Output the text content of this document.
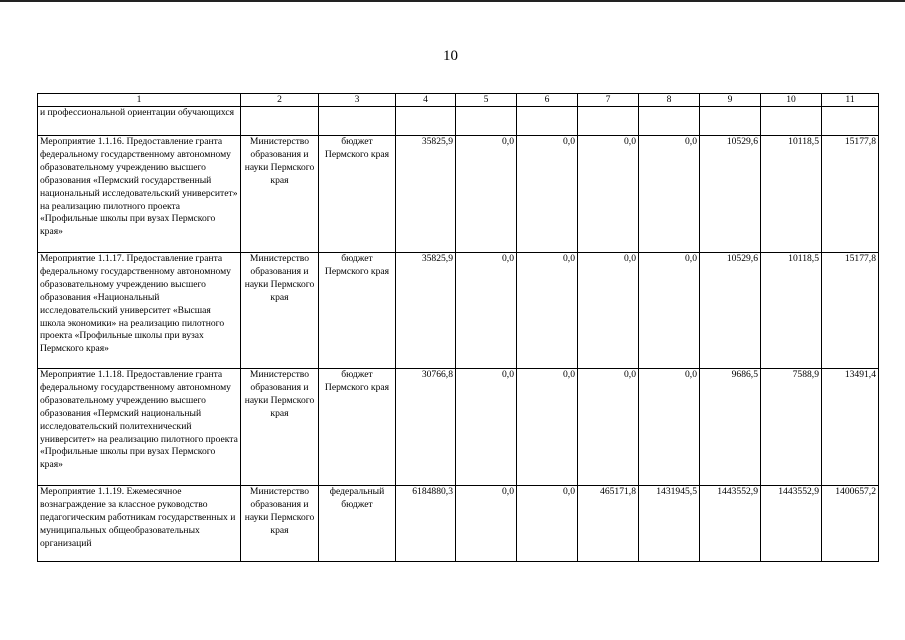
10
1	2	3	4	5	6	7	8	9	10	11
и профессиональной ориентации обучающихся										
Мероприятие 1.1.16. Предоставление гранта федеральному государственному автономному образовательному учреждению высшего образования «Пермский государственный национальный исследовательский университет» на реализацию пилотного проекта «Профильные школы при вузах Пермского края»	Министерство образования и науки Пермского края	бюджет Пермского края	35825,9	0,0	0,0	0,0	0,0	10529,6	10118,5	15177,8
Мероприятие 1.1.17. Предоставление гранта федеральному государственному автономному образовательному учреждению высшего образования «Национальный исследовательский университет «Высшая школа экономики» на реализацию пилотного проекта «Профильные школы при вузах Пермского края»	Министерство образования и науки Пермского края	бюджет Пермского края	35825,9	0,0	0,0	0,0	0,0	10529,6	10118,5	15177,8
Мероприятие 1.1.18. Предоставление гранта федеральному государственному автономному образовательному учреждению высшего образования «Пермский национальный исследовательский политехнический университет» на реализацию пилотного проекта «Профильные школы при вузах Пермского края»	Министерство образования и науки Пермского края	бюджет Пермского края	30766,8	0,0	0,0	0,0	0,0	9686,5	7588,9	13491,4
Мероприятие 1.1.19. Ежемесячное вознаграждение за классное руководство педагогическим работникам государственных и муниципальных общеобразовательных организаций	Министерство образования и науки Пермского края	федеральный бюджет	6184880,3	0,0	0,0	465171,8	1431945,5	1443552,9	1443552,9	1400657,2
